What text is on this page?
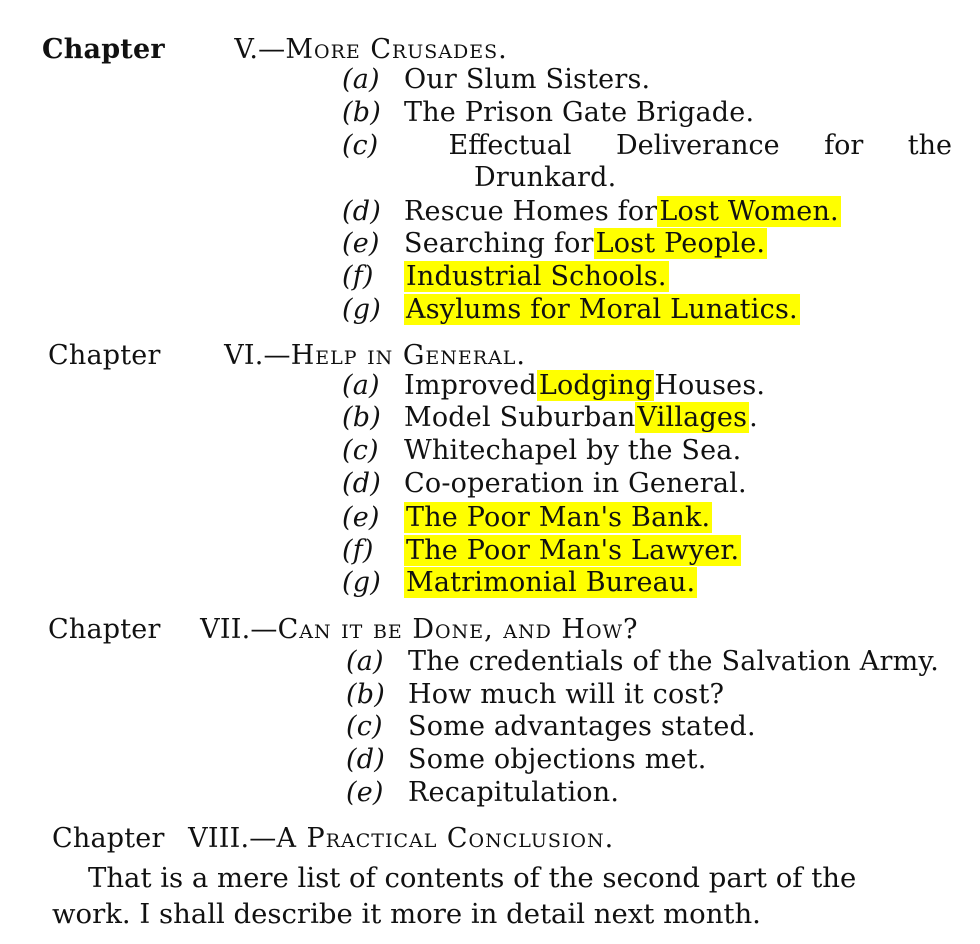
Chapter	V.—More Crusades.
(a) Our Slum Sisters.
(b) The Prison Gate Brigade.
(c)	Effectual Deliverance for the
Drunkard.
(d) Rescue Homes forLost Women.
(e) Searching forLost People.
(f) Industrial Schools.
(g) Asylums for Moral Lunatics.
Chapter VI.—Help in General.
(a) ImprovedLodgingHouses.
(b) Model SuburbanVillages.
(c) Whitechapel by the Sea.
(d) Co-operation in General.
(e) The Poor Man's Bank.
(f) The Poor Man's Lawyer.
(g) Matrimonial Bureau.
Chapter VII.—Can it be Done, and How?
(a) The credentials of the Salvation Army.
(b) How much will it cost?
(c) Some advantages stated.
(d) Some objections met.
(e) Recapitulation.
Chapter VIII.—A Practical Conclusion.
That is a mere list of contents of the second part of the
work. I shall describe it more in detail next month.
